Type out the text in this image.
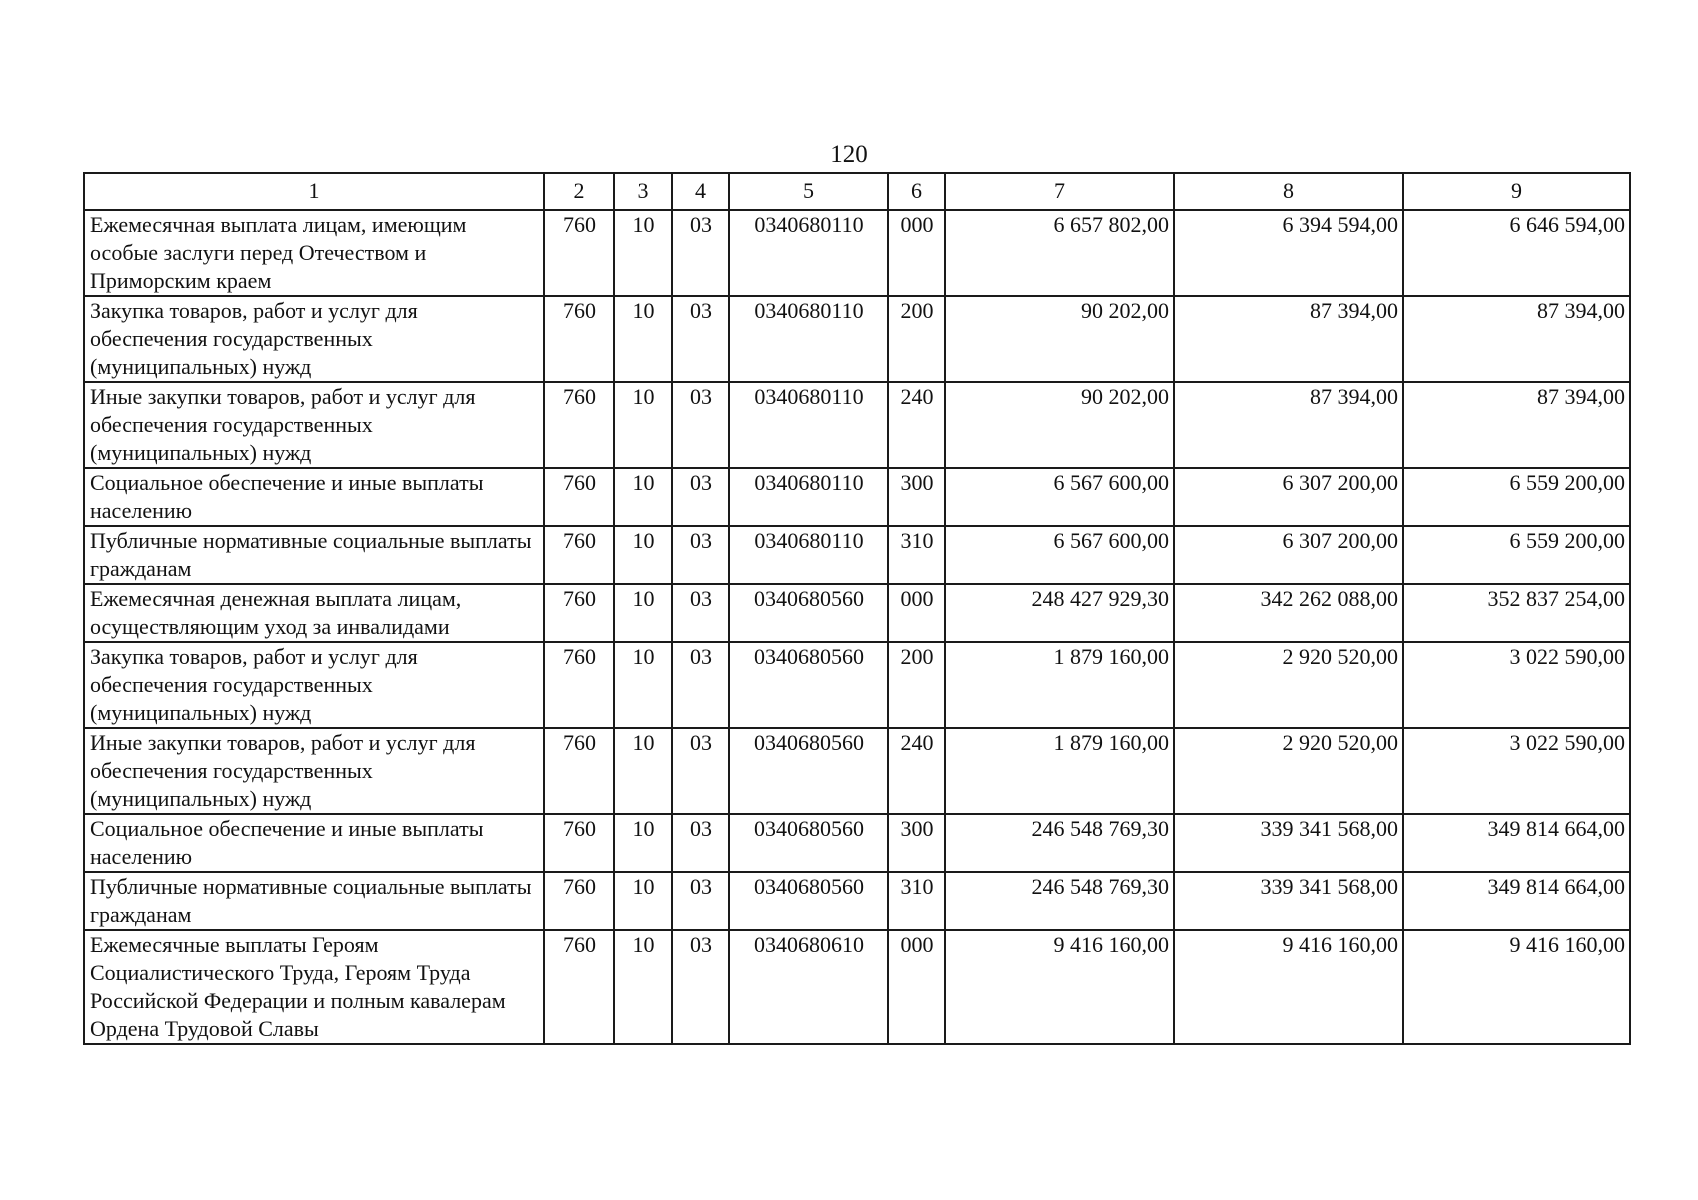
120
1	2	3	4	5	6	7	8	9
Ежемесячная выплата лицам, имеющим особые заслуги перед Отечеством и Приморским краем	760	10	03	0340680110	000	6 657 802,00	6 394 594,00	6 646 594,00
Закупка товаров, работ и услуг для обеспечения государственных (муниципальных) нужд	760	10	03	0340680110	200	90 202,00	87 394,00	87 394,00
Иные закупки товаров, работ и услуг для обеспечения государственных (муниципальных) нужд	760	10	03	0340680110	240	90 202,00	87 394,00	87 394,00
Социальное обеспечение и иные выплаты населению	760	10	03	0340680110	300	6 567 600,00	6 307 200,00	6 559 200,00
Публичные нормативные социальные выплаты гражданам	760	10	03	0340680110	310	6 567 600,00	6 307 200,00	6 559 200,00
Ежемесячная денежная выплата лицам, осуществляющим уход за инвалидами	760	10	03	0340680560	000	248 427 929,30	342 262 088,00	352 837 254,00
Закупка товаров, работ и услуг для обеспечения государственных (муниципальных) нужд	760	10	03	0340680560	200	1 879 160,00	2 920 520,00	3 022 590,00
Иные закупки товаров, работ и услуг для обеспечения государственных (муниципальных) нужд	760	10	03	0340680560	240	1 879 160,00	2 920 520,00	3 022 590,00
Социальное обеспечение и иные выплаты населению	760	10	03	0340680560	300	246 548 769,30	339 341 568,00	349 814 664,00
Публичные нормативные социальные выплаты гражданам	760	10	03	0340680560	310	246 548 769,30	339 341 568,00	349 814 664,00
Ежемесячные выплаты Героям Социалистического Труда, Героям Труда Российской Федерации и полным кавалерам Ордена Трудовой Славы	760	10	03	0340680610	000	9 416 160,00	9 416 160,00	9 416 160,00
